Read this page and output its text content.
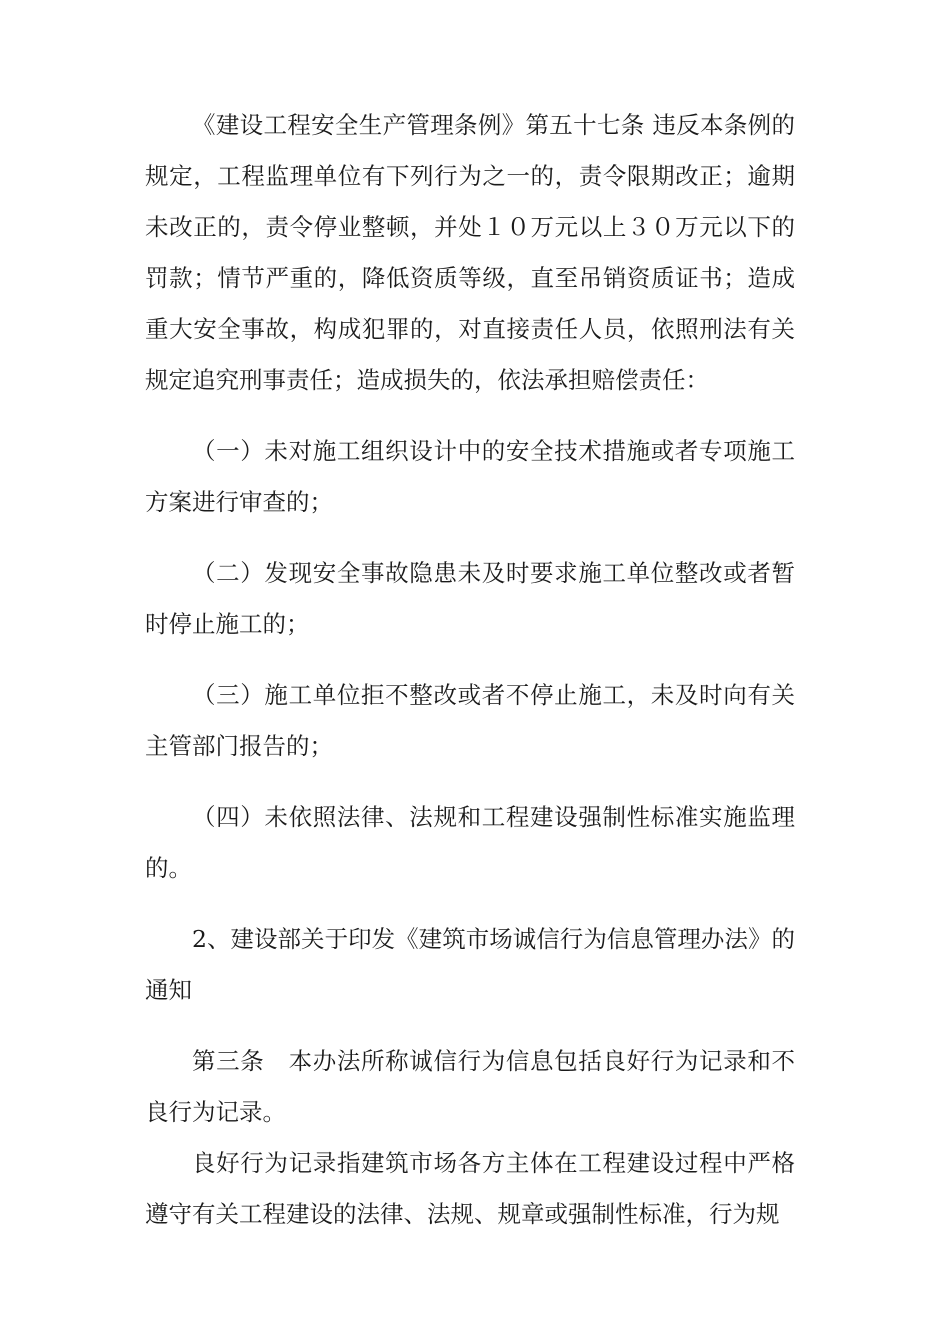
《建设工程安全生产管理条例》第五十七条 违反本条例的规定，工程监理单位有下列行为之一的，责令限期改正；逾期未改正的，责令停业整顿，并处１０万元以上３０万元以下的罚款；情节严重的，降低资质等级，直至吊销资质证书；造成重大安全事故，构成犯罪的，对直接责任人员，依照刑法有关规定追究刑事责任；造成损失的，依法承担赔偿责任：

（一）未对施工组织设计中的安全技术措施或者专项施工方案进行审查的；

（二）发现安全事故隐患未及时要求施工单位整改或者暂时停止施工的；

（三）施工单位拒不整改或者不停止施工，未及时向有关主管部门报告的；

（四）未依照法律、法规和工程建设强制性标准实施监理的。

2、建设部关于印发《建筑市场诚信行为信息管理办法》的通知

第三条　本办法所称诚信行为信息包括良好行为记录和不良行为记录。

良好行为记录指建筑市场各方主体在工程建设过程中严格遵守有关工程建设的法律、法规、规章或强制性标准，行为规
